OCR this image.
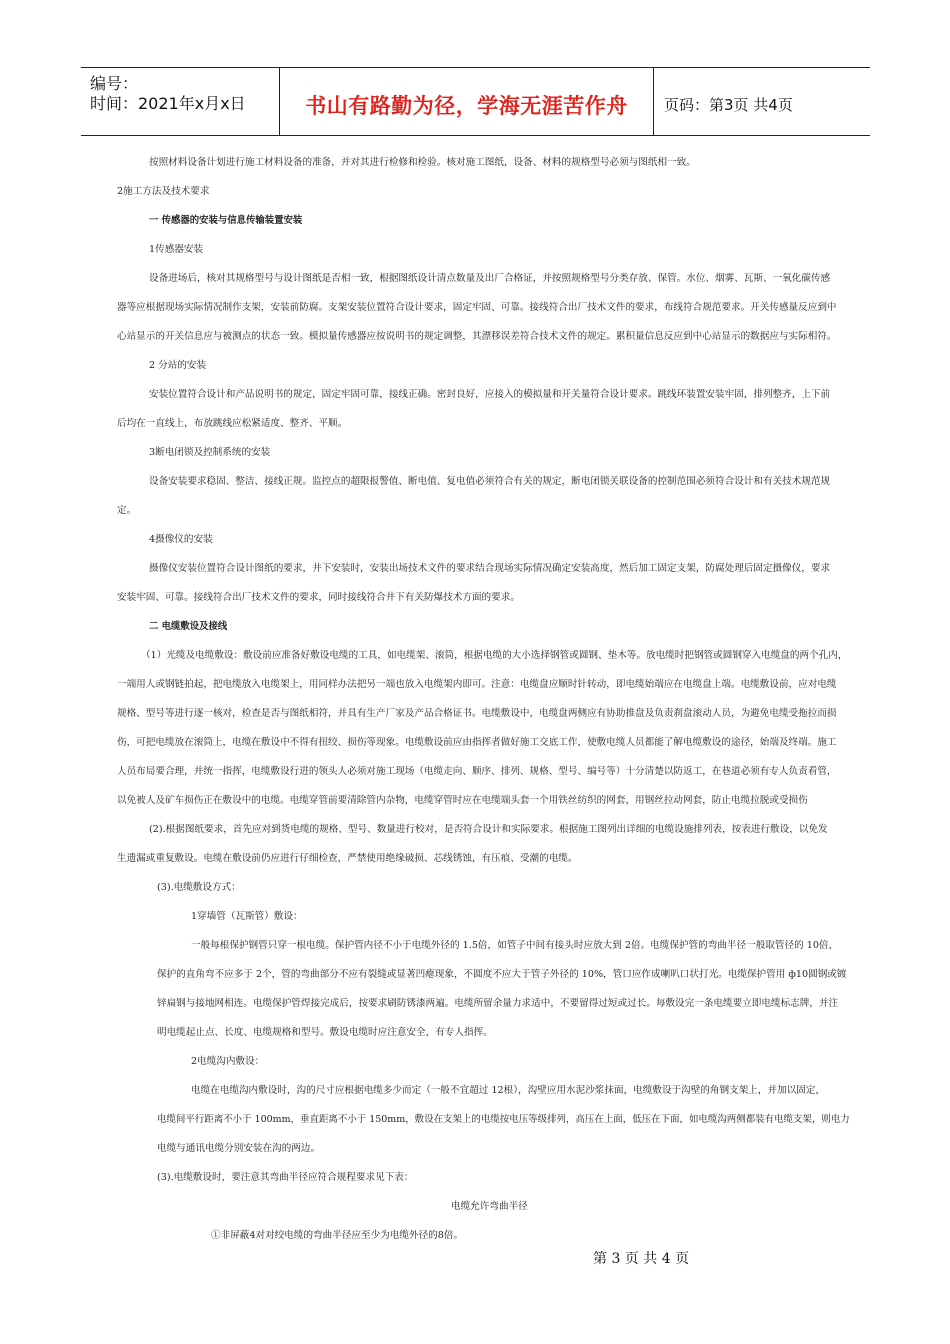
编号：
时间：2021年x月x日	书山有路勤为径，学海无涯苦作舟	页码：第3页 共4页
按照材料设备计划进行施工材料设备的准备，并对其进行检修和检验。核对施工图纸，设备、材料的规格型号必须与图纸相一致。
2施工方法及技术要求
一 传感器的安装与信息传输装置安装
1传感器安装
设备进场后，核对其规格型号与设计图纸是否相一致，根据图纸设计清点数量及出厂合格证，并按照规格型号分类存放、保管。水位、烟雾、瓦斯、一氧化碳传感
器等应根据现场实际情况制作支架，安装前防腐。支架安装位置符合设计要求，固定牢固、可靠。接线符合出厂技术文件的要求，布线符合规范要求。开关传感量反应到中
心站显示的开关信息应与被测点的状态一致。模拟量传感器应按说明书的规定调整，其漂移误差符合技术文件的规定。累积量信息反应到中心站显示的数据应与实际相符。
2 分站的安装
安装位置符合设计和产品说明书的规定，固定牢固可靠，接线正确。密封良好，应接入的模拟量和开关量符合设计要求。跳线环装置安装牢固，排列整齐，上下前
后均在一直线上，布放跳线应松紧适度、整齐、平顺。
3断电闭锁及控制系统的安装
设备安装要求稳固、整洁、接线正规。监控点的超限报警值、断电值、复电值必须符合有关的规定，断电闭锁关联设备的控制范围必须符合设计和有关技术规范规
定。
4摄像仪的安装
摄像仪安装位置符合设计图纸的要求，井下安装时，安装出场技术文件的要求结合现场实际情况确定安装高度，然后加工固定支架，防腐处理后固定摄像仪，要求
安装牢固、可靠。接线符合出厂技术文件的要求，同时接线符合井下有关防爆技术方面的要求。
二 电缆敷设及接线
（1）光缆及电缆敷设：敷设前应准备好敷设电缆的工具，如电缆架、滚筒，根据电缆的大小选择钢管或圆钢、垫木等。放电缆时把钢管或圆钢穿入电缆盘的两个孔内，
一端用人或钢链拍起，把电缆放入电缆架上，用同样办法把另一端也放入电缆架内即可。注意：电缆盘应顺时针转动，即电缆始端应在电缆盘上端。电缆敷设前，应对电缆
规格、型号等进行逐一核对，检查是否与图纸相符，并具有生产厂家及产品合格证书。电缆敷设中，电缆盘两侧应有协助推盘及负责刹盘滚动人员，为避免电缆受拖拉而损
伤，可把电缆放在滚筒上，电缆在敷设中不得有扭绞、损伤等现象。电缆敷设前应由指挥者做好施工交底工作，使敷电缆人员都能了解电缆敷设的途径，始端及终端。施工
人员布局要合理，并统一指挥，电缆敷设行进的领头人必须对施工现场（电缆走向、顺序、排列、规格、型号、编号等）十分清楚以防返工，在巷道必须有专人负责看管，
以免被人及矿车损伤正在敷设中的电缆。电缆穿管前要清除管内杂物，电缆穿管时应在电缆端头套一个用铁丝纺织的网套，用钢丝拉动网套，防止电缆拉脱或受损伤
(2).根据图纸要求，首先应对到货电缆的规格、型号、数量进行校对，是否符合设计和实际要求。根据施工图列出详细的电缆设施排列表，按表进行敷设，以免发
生遗漏或重复敷设。电缆在敷设前仍应进行仔细检查，严禁使用绝缘破损、芯线锈蚀，有压痕、受潮的电缆。
(3).电缆敷设方式：
1穿墙管（瓦斯管）敷设：
一般每根保护钢管只穿一根电缆。保护管内径不小于电缆外径的 1.5倍，如管子中间有接头时应放大到 2倍。电缆保护管的弯曲半径一般取管径的 10倍，
保护的直角弯不应多于 2个，管的弯曲部分不应有裂缝或显著凹瘪现象，不圆度不应大于管子外径的 10%，管口应作成喇叭口状打光。电缆保护管用 ф10圆钢或镀
锌扁钢与接地网相连。电缆保护管焊接完成后，按要求刷防锈漆两遍。电缆所留余量力求适中，不要留得过短或过长。每敷设完一条电缆要立即电缆标志牌，并注
明电缆起止点、长度、电缆规格和型号。敷设电缆时应注意安全，有专人指挥。
2电缆沟内敷设：
电缆在电缆沟内敷设时，沟的尺寸应根据电缆多少而定（一般不宜超过 12根），沟壁应用水泥沙浆抹面，电缆敷设于沟壁的角钢支架上，并加以固定，
电缆间平行距离不小于 100mm，垂直距离不小于 150mm，敷设在支架上的电缆按电压等级排列，高压在上面，低压在下面，如电缆沟两侧都装有电缆支架，则电力
电缆与通讯电缆分别安装在沟的两边。
(3).电缆敷设时，要注意其弯曲半径应符合规程要求见下表：
电缆允许弯曲半径
①非屏蔽4对对绞电缆的弯曲半径应至少为电缆外径的8倍。
第 3 页 共 4 页
